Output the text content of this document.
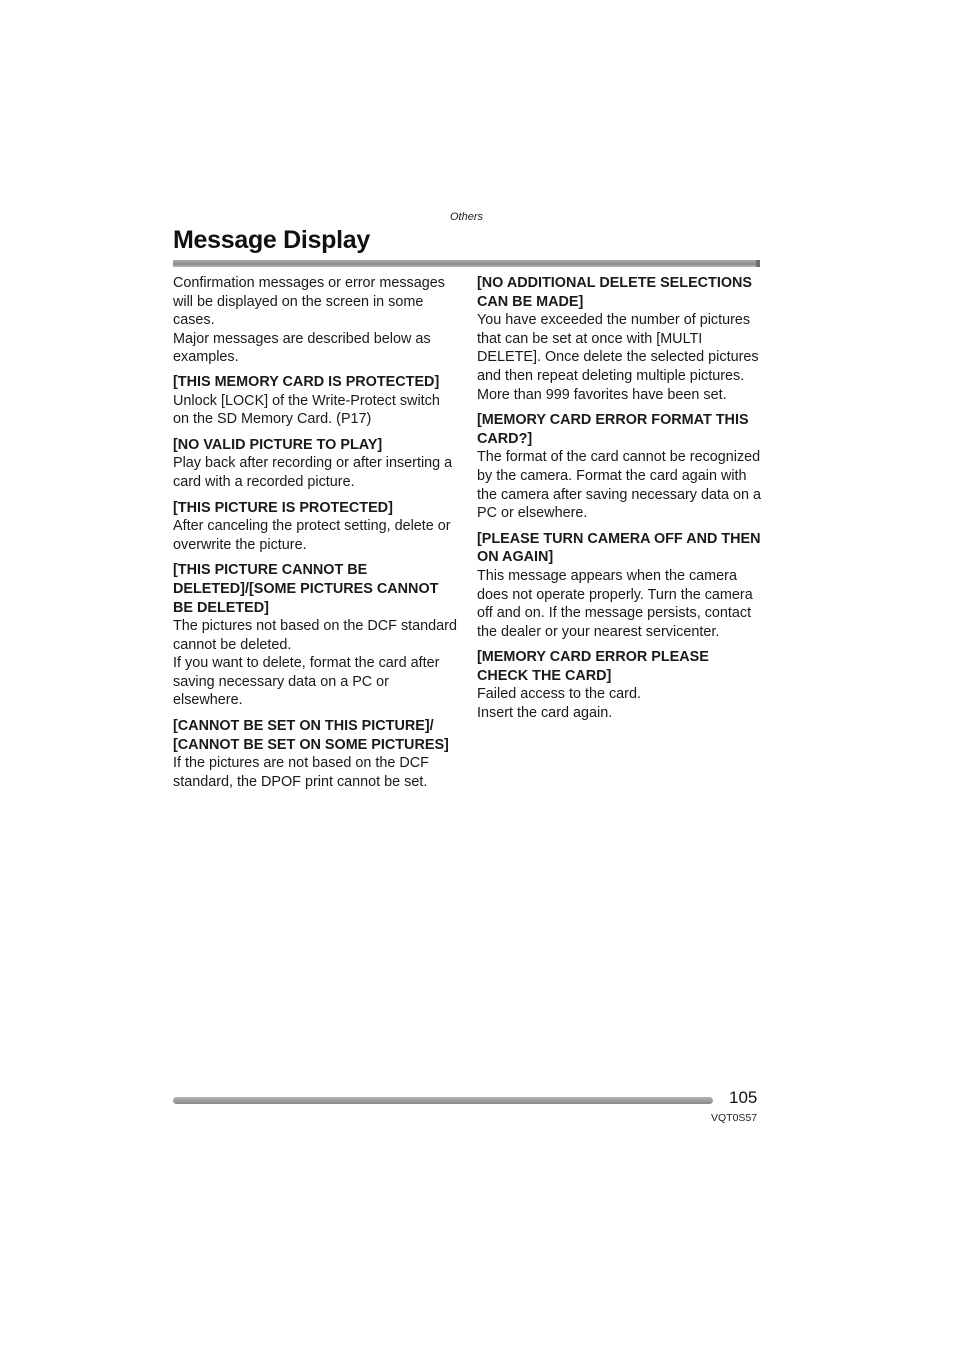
Others
Message Display

Confirmation messages or error messages will be displayed on the screen in some cases.

Major messages are described below as examples.

[THIS MEMORY CARD IS PROTECTED]

Unlock [LOCK] of the Write-Protect switch on the SD Memory Card. (P17)

[NO VALID PICTURE TO PLAY]

Play back after recording or after inserting a card with a recorded picture.

[THIS PICTURE IS PROTECTED]

After canceling the protect setting, delete or overwrite the picture.

[THIS PICTURE CANNOT BE DELETED]/[SOME PICTURES CANNOT BE DELETED]

The pictures not based on the DCF standard cannot be deleted.

If you want to delete, format the card after saving necessary data on a PC or elsewhere.

[CANNOT BE SET ON THIS PICTURE]/ [CANNOT BE SET ON SOME PICTURES]

If the pictures are not based on the DCF standard, the DPOF print cannot be set.

[NO ADDITIONAL DELETE SELECTIONS CAN BE MADE]

You have exceeded the number of pictures that can be set at once with [MULTI DELETE]. Once delete the selected pictures and then repeat deleting multiple pictures.

More than 999 favorites have been set.

[MEMORY CARD ERROR FORMAT THIS CARD?]

The format of the card cannot be recognized by the camera. Format the card again with the camera after saving necessary data on a PC or elsewhere.

[PLEASE TURN CAMERA OFF AND THEN ON AGAIN]

This message appears when the camera does not operate properly. Turn the camera off and on. If the message persists, contact the dealer or your nearest servicenter.

[MEMORY CARD ERROR PLEASE CHECK THE CARD]

Failed access to the card.

Insert the card again.

105
VQT0S57
